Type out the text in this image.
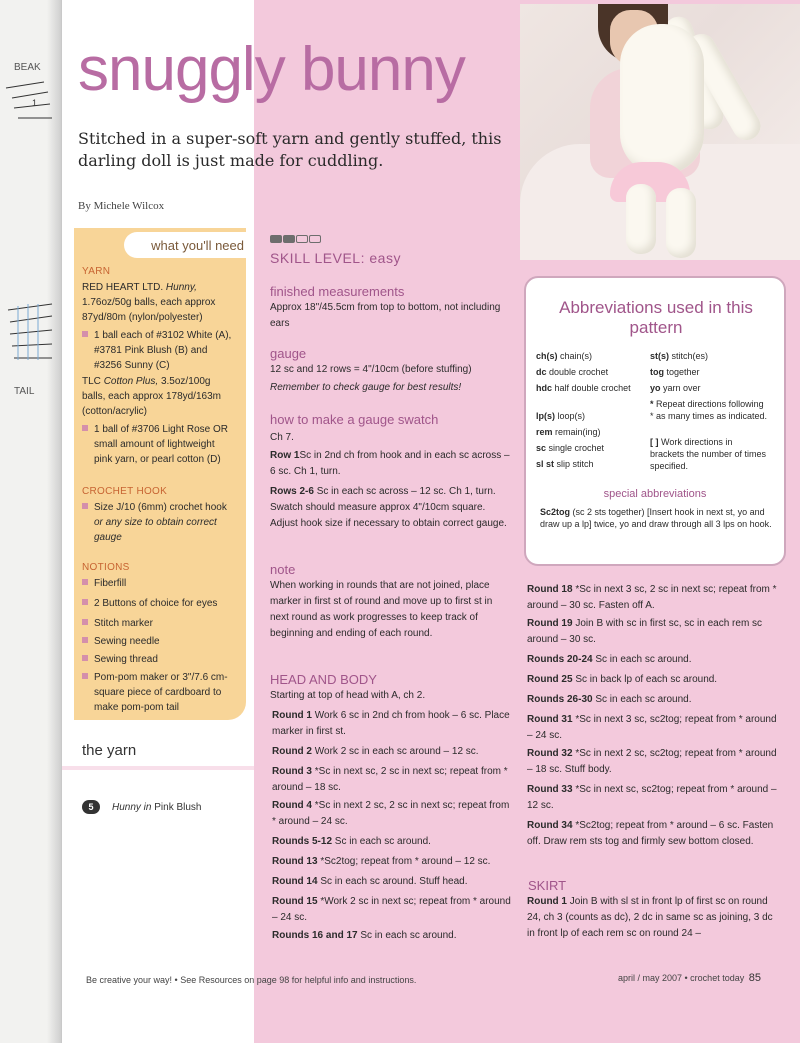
BEAK
1
TAIL
snuggly bunny
Stitched in a super-soft yarn and gently stuffed, this darling doll is just made for cuddling.
By Michele Wilcox
what you'll need
YARN
RED HEART LTD. Hunny, 1.76oz/50g balls, each approx 87yd/80m (nylon/polyester)
1 ball each of #3102 White (A), #3781 Pink Blush (B) and #3256 Sunny (C)
TLC Cotton Plus, 3.5oz/100g balls, each approx 178yd/163m (cotton/acrylic)
1 ball of #3706 Light Rose OR small amount of lightweight pink yarn, or pearl cotton (D)
CROCHET HOOK
Size J/10 (6mm) crochet hook or any size to obtain correct gauge
NOTIONS
Fiberfill
2 Buttons of choice for eyes
Stitch marker
Sewing needle
Sewing thread
Pom-pom maker or 3"/7.6 cm-square piece of cardboard to make pom-pom tail
the yarn
5	Hunny in Pink Blush
SKILL LEVEL: easy
finished measurements
Approx 18"/45.5cm from top to bottom, not including ears
gauge
12 sc and 12 rows = 4"/10cm (before stuffing)
Remember to check gauge for best results!
how to make a gauge swatch
Ch 7.
Row 1Sc in 2nd ch from hook and in each sc across – 6 sc. Ch 1, turn.
Rows 2-6 Sc in each sc across – 12 sc. Ch 1, turn. Swatch should measure approx 4"/10cm square. Adjust hook size if necessary to obtain correct gauge.
note
When working in rounds that are not joined, place marker in first st of round and move up to first st in next round as work progresses to keep track of beginning and ending of each round.
HEAD AND BODY
Starting at top of head with A, ch 2.
Round 1 Work 6 sc in 2nd ch from hook – 6 sc. Place marker in first st.
Round 2 Work 2 sc in each sc around – 12 sc.
Round 3 *Sc in next sc, 2 sc in next sc; repeat from * around – 18 sc.
Round 4 *Sc in next 2 sc, 2 sc in next sc; repeat from * around – 24 sc.
Rounds 5-12 Sc in each sc around.
Round 13 *Sc2tog; repeat from * around – 12 sc.
Round 14 Sc in each sc around. Stuff head.
Round 15 *Work 2 sc in next sc; repeat from * around – 24 sc.
Rounds 16 and 17 Sc in each sc around.
Abbreviations used in this pattern
ch(s) chain(s)
dc double crochet
hdc half double crochet
lp(s) loop(s)
rem remain(ing)
sc single crochet
sl st slip stitch
st(s) stitch(es)
tog together
yo yarn over
* Repeat directions following * as many times as indicated.
[ ] Work directions in brackets the number of times specified.
special abbreviations
Sc2tog (sc 2 sts together) [Insert hook in next st, yo and draw up a lp] twice, yo and draw through all 3 lps on hook.
Round 18 *Sc in next 3 sc, 2 sc in next sc; repeat from * around – 30 sc. Fasten off A.
Round 19 Join B with sc in first sc, sc in each rem sc around – 30 sc.
Rounds 20-24 Sc in each sc around.
Round 25 Sc in back lp of each sc around.
Rounds 26-30 Sc in each sc around.
Round 31 *Sc in next 3 sc, sc2tog; repeat from * around – 24 sc.
Round 32 *Sc in next 2 sc, sc2tog; repeat from * around – 18 sc. Stuff body.
Round 33 *Sc in next sc, sc2tog; repeat from * around – 12 sc.
Round 34 *Sc2tog; repeat from * around – 6 sc. Fasten off. Draw rem sts tog and firmly sew bottom closed.
SKIRT
Round 1 Join B with sl st in front lp of first sc on round 24, ch 3 (counts as dc), 2 dc in same sc as joining, 3 dc in front lp of each rem sc on round 24 –
Be creative your way! • See Resources on page 98 for helpful info and instructions.	april / may 2007 • crochet today 85
